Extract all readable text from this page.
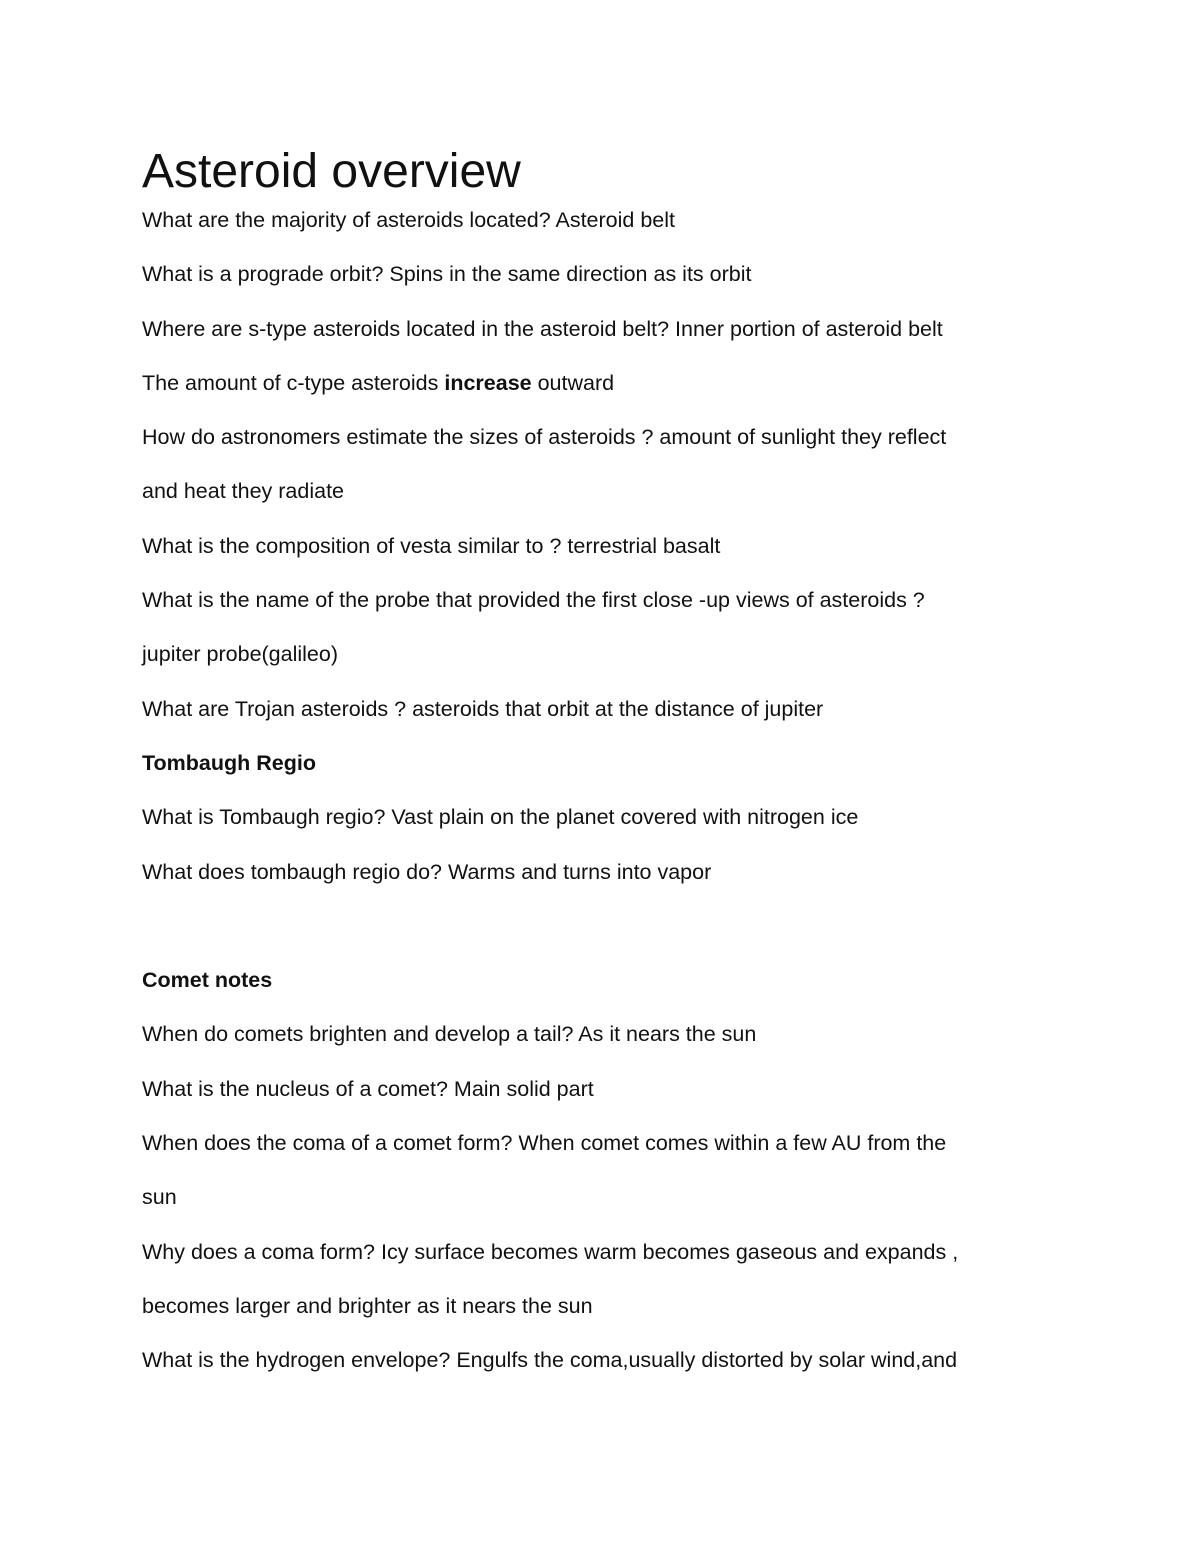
Asteroid overview

What are the majority of asteroids located? Asteroid belt

What is a prograde orbit? Spins in the same direction as its orbit

Where are s-type asteroids located in the asteroid belt? Inner portion of asteroid belt

The amount of c-type asteroids increase outward

How do astronomers estimate the sizes of asteroids ? amount of sunlight they reflect

and heat they radiate

What is the composition of vesta similar to ? terrestrial basalt

What is the name of the probe that provided the first close -up views of asteroids ?

jupiter probe(galileo)

What are Trojan asteroids ? asteroids that orbit at the distance of jupiter

Tombaugh Regio

What is Tombaugh regio? Vast plain on the planet covered with nitrogen ice

What does tombaugh regio do? Warms and turns into vapor

Comet notes

When do comets brighten and develop a tail? As it nears the sun

What is the nucleus of a comet? Main solid part

When does the coma of a comet form? When comet comes within a few AU from the

sun

Why does a coma form? Icy surface becomes warm becomes gaseous and expands ,

becomes larger and brighter as it nears the sun

What is the hydrogen envelope? Engulfs the coma,usually distorted by solar wind,and
